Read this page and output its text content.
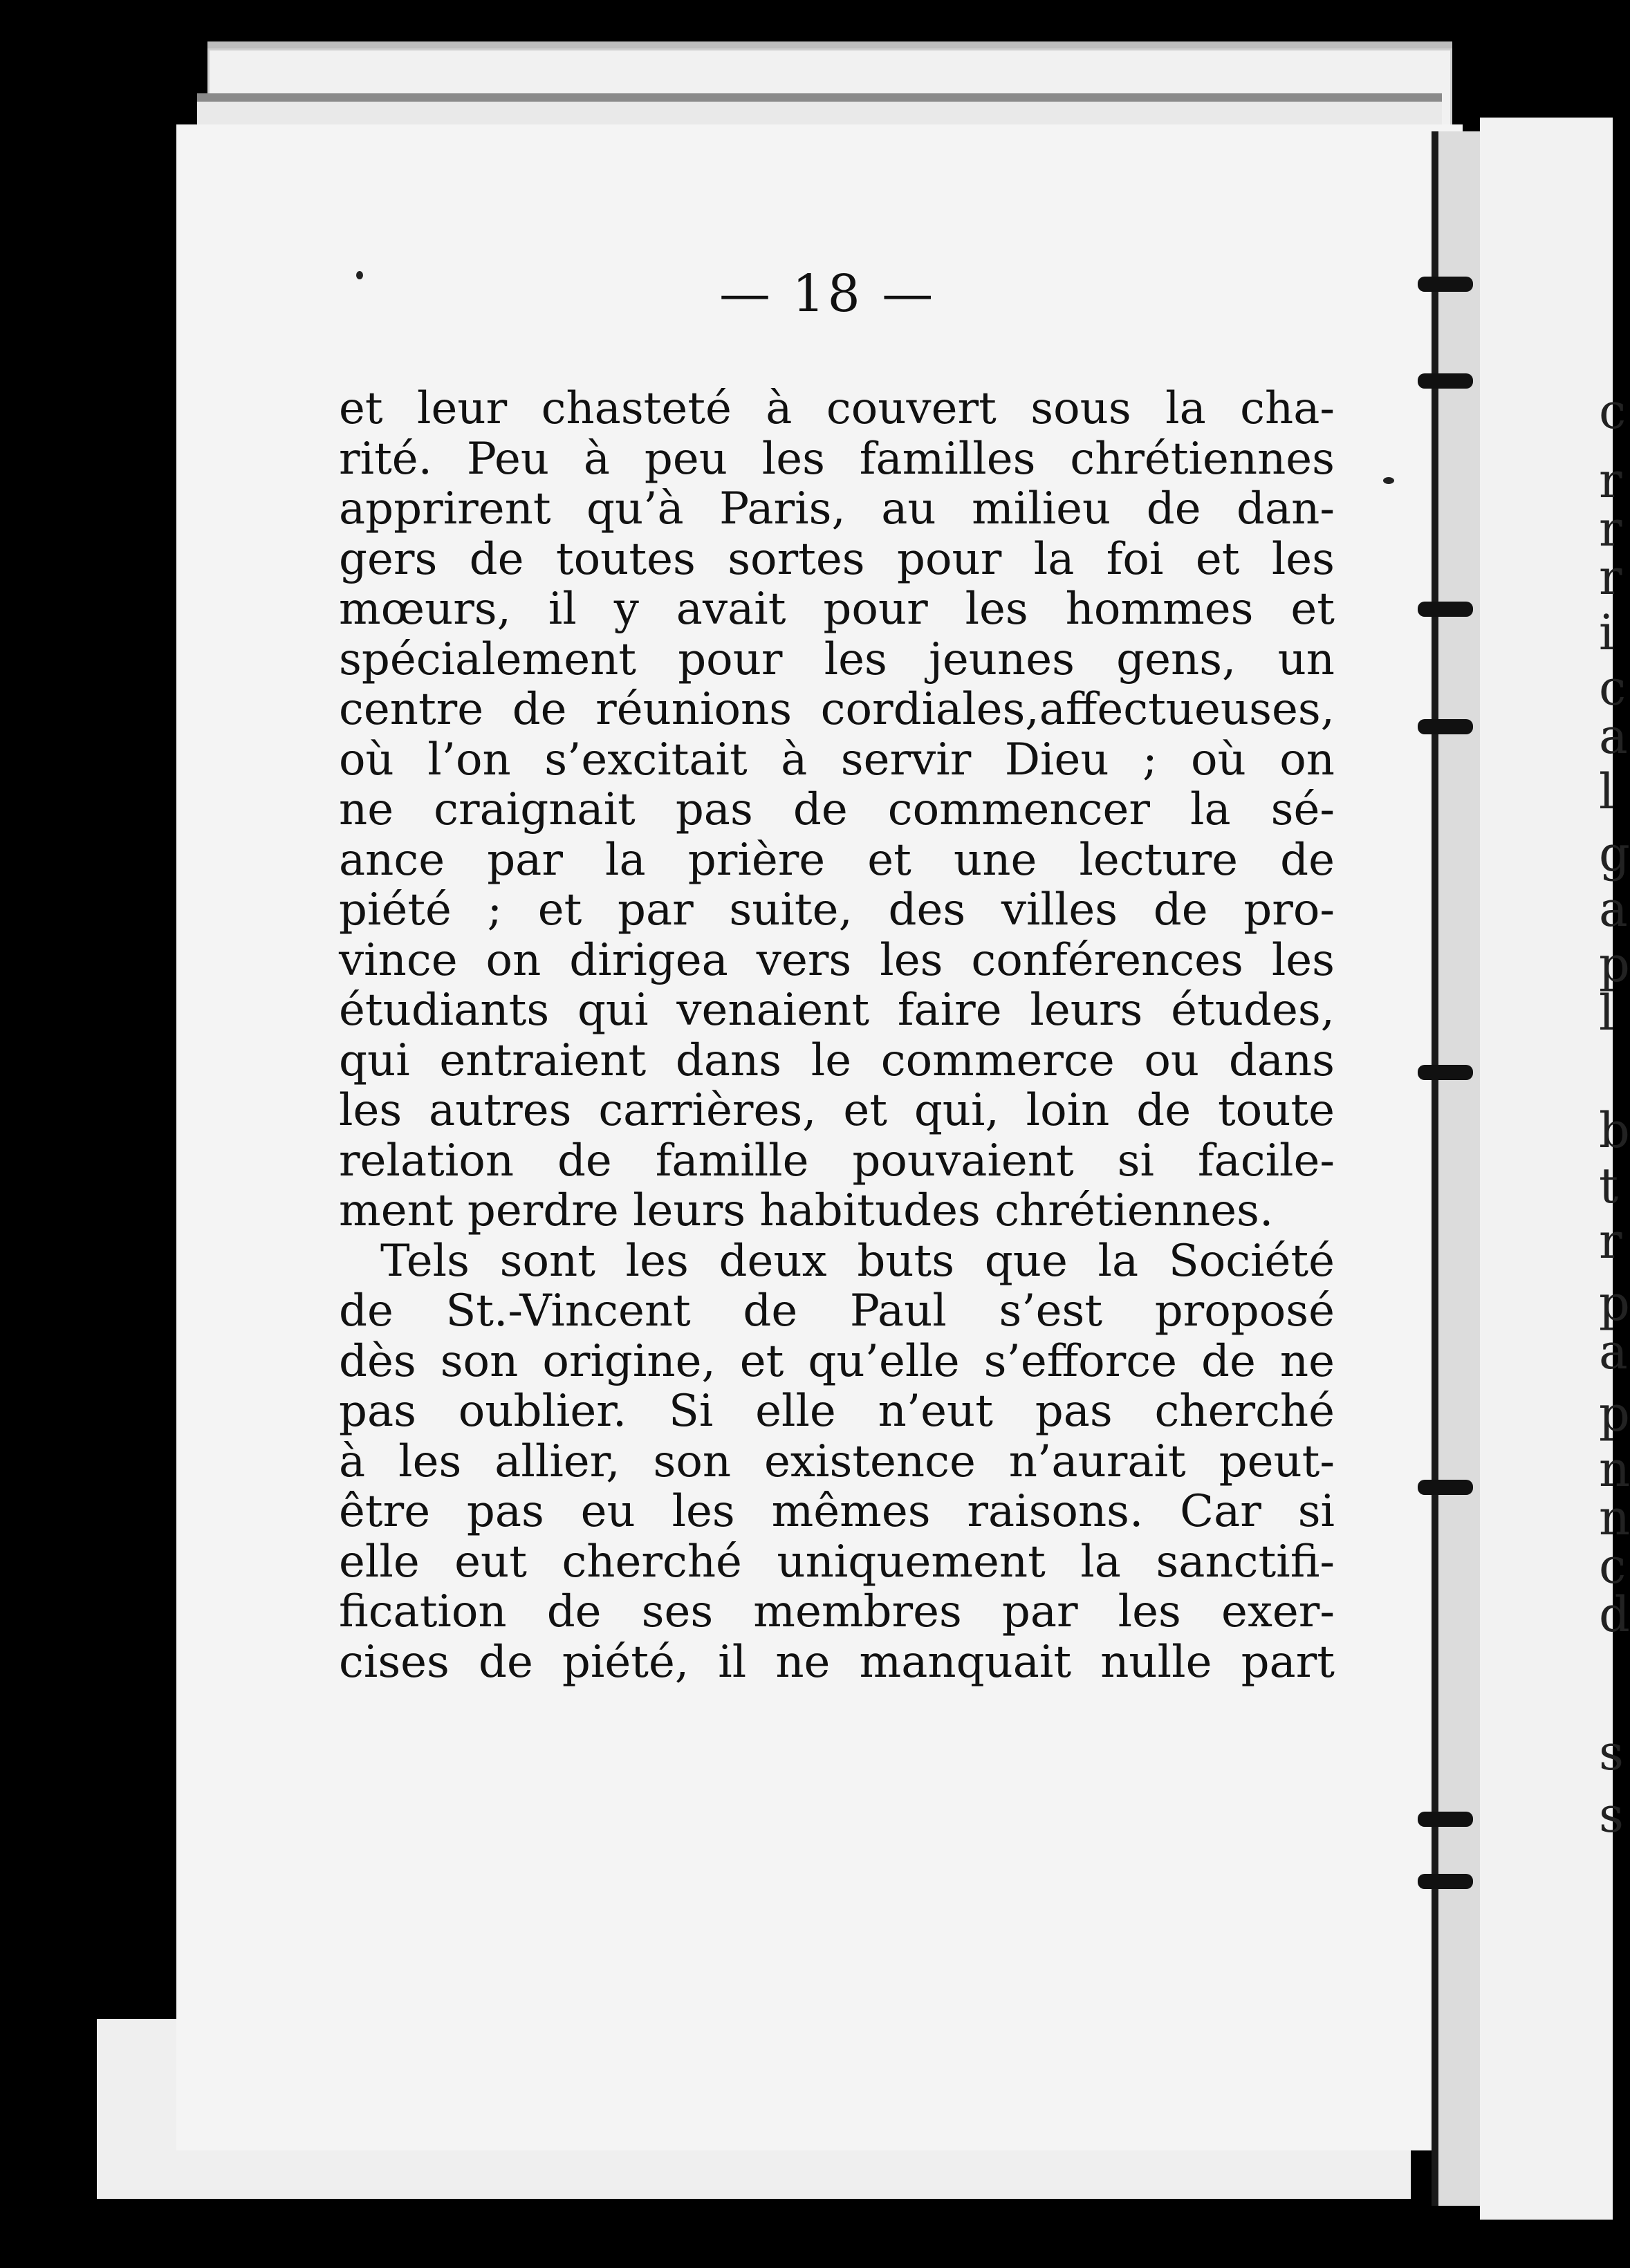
c
r
r
r
i
c
a
l
g
a
p
l
b
t
r
p
a
p
n
n
c
d
s
s
— 18 —
et leur chasteté à couvert sous la cha-
rité. Peu à peu les familles chrétiennes
apprirent qu’à Paris, au milieu de dan-
gers de toutes sortes pour la foi et les
mœurs, il y avait pour les hommes et
spécialement pour les jeunes gens, un
centre de réunions cordiales,affectueuses,
où l’on s’excitait à servir Dieu ; où on
ne craignait pas de commencer la sé-
ance par la prière et une lecture de
piété ; et par suite, des villes de pro-
vince on dirigea vers les conférences les
étudiants qui venaient faire leurs études,
qui entraient dans le commerce ou dans
les autres carrières, et qui, loin de toute
relation de famille pouvaient si facile-
ment perdre leurs habitudes chrétiennes.
Tels sont les deux buts que la Société
de St.-Vincent de Paul s’est proposé
dès son origine, et qu’elle s’efforce de ne
pas oublier. Si elle n’eut pas cherché
à les allier, son existence n’aurait peut-
être pas eu les mêmes raisons. Car si
elle eut cherché uniquement la sanctifi-
fication de ses membres par les exer-
cises de piété, il ne manquait nulle part
